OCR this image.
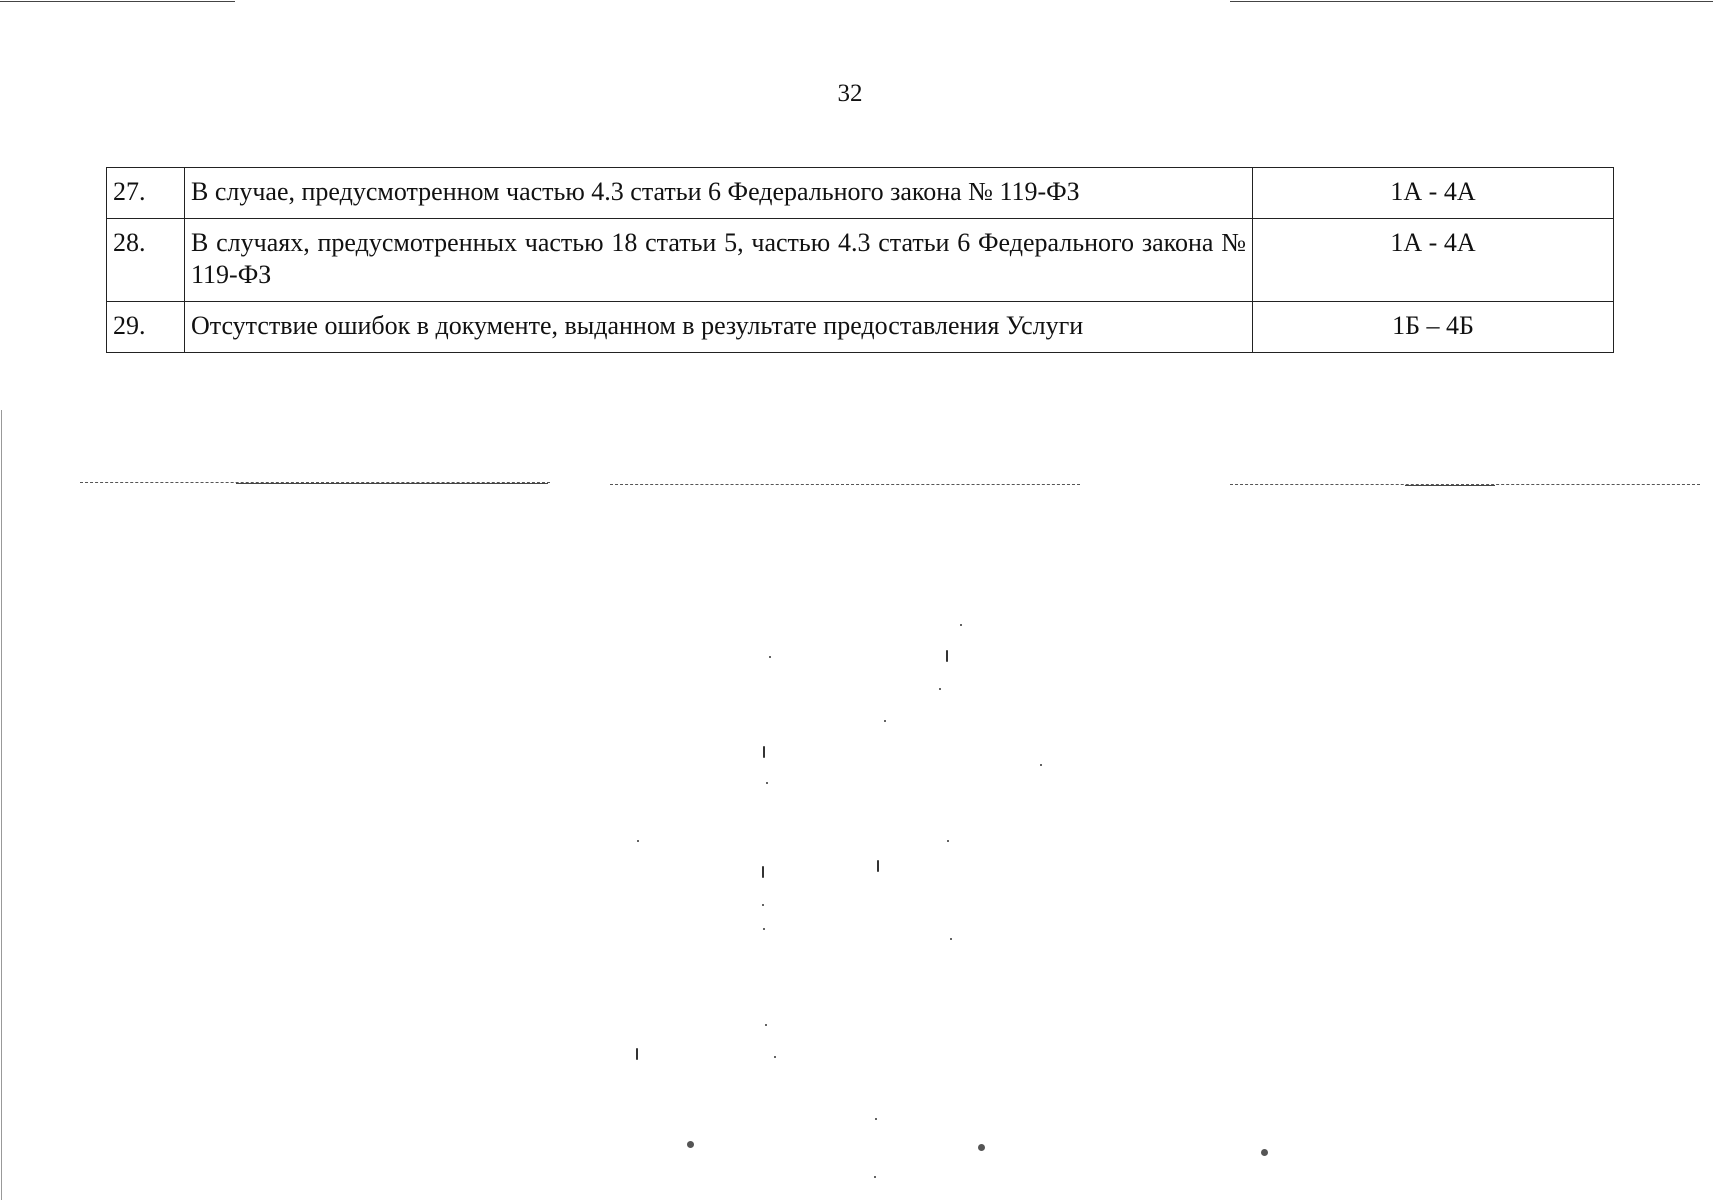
32
27.	В случае, предусмотренном частью 4.3 статьи 6 Федерального закона № 119-ФЗ	1А - 4А
28.	В случаях, предусмотренных частью 18 статьи 5, частью 4.3 статьи 6 Федерального закона № 119-ФЗ	1А - 4А
29.	Отсутствие ошибок в документе, выданном в результате предоставления Услуги	1Б – 4Б
